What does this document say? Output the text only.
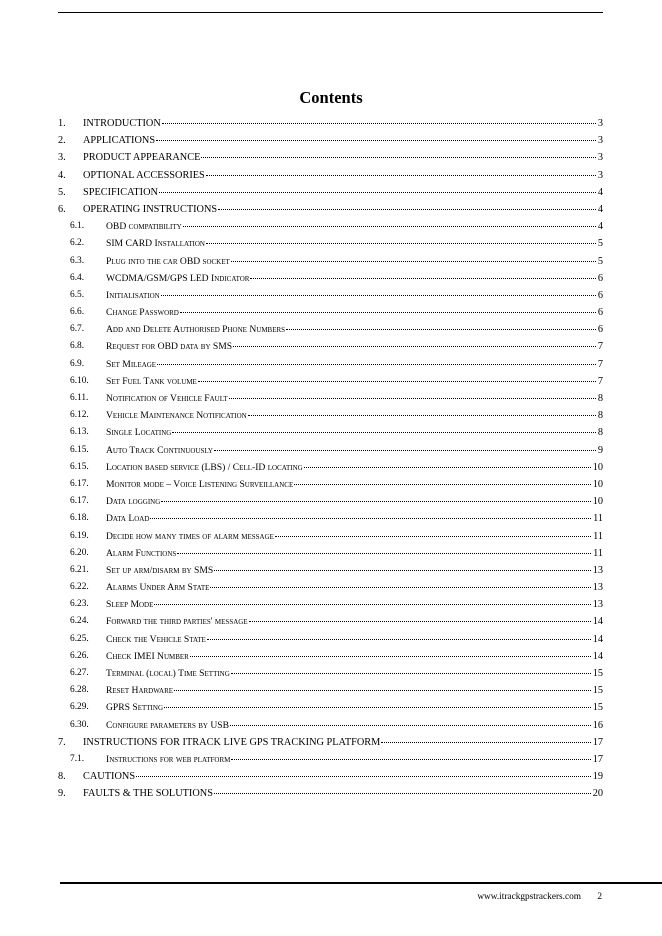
Contents
1. INTRODUCTION	3
2. APPLICATIONS	3
3. PRODUCT APPEARANCE	3
4. OPTIONAL ACCESSORIES	3
5. SPECIFICATION	4
6. OPERATING INSTRUCTIONS	4
6.1. OBD compatibility	4
6.2. SIM CARD Installation	5
6.3. Plug into the car OBD socket	5
6.4. WCDMA/GSM/GPS LED Indicator	6
6.5. Initialisation	6
6.6. Change Password	6
6.7. Add and Delete Authorised Phone Numbers	6
6.8. Request for OBD data by SMS	7
6.9. Set Mileage	7
6.10. Set Fuel Tank volume	7
6.11. Notification of Vehicle Fault	8
6.12. Vehicle Maintenance Notification	8
6.13. Single Locating	8
6.15. Auto Track Continuously	9
6.15. Location based service (LBS) / Cell-ID locating	10
6.17. Monitor mode – Voice Listening Surveillance	10
6.17. Data logging	10
6.18. Data Load	11
6.19. Decide how many times of alarm message	11
6.20. Alarm Functions	11
6.21. Set up arm/disarm by SMS	13
6.22. Alarms Under Arm State	13
6.23. Sleep Mode	13
6.24. Forward the third parties' message	14
6.25. Check the Vehicle State	14
6.26. Check IMEI Number	14
6.27. Terminal (local) Time Setting	15
6.28. Reset Hardware	15
6.29. GPRS Setting	15
6.30. Configure parameters by USB	16
7. INSTRUCTIONS FOR ITRACK LIVE GPS TRACKING PLATFORM	17
7.1. Instructions for web platform	17
8. CAUTIONS	19
9. FAULTS & THE SOLUTIONS	20
www.itrackgpstrackers.com 2
